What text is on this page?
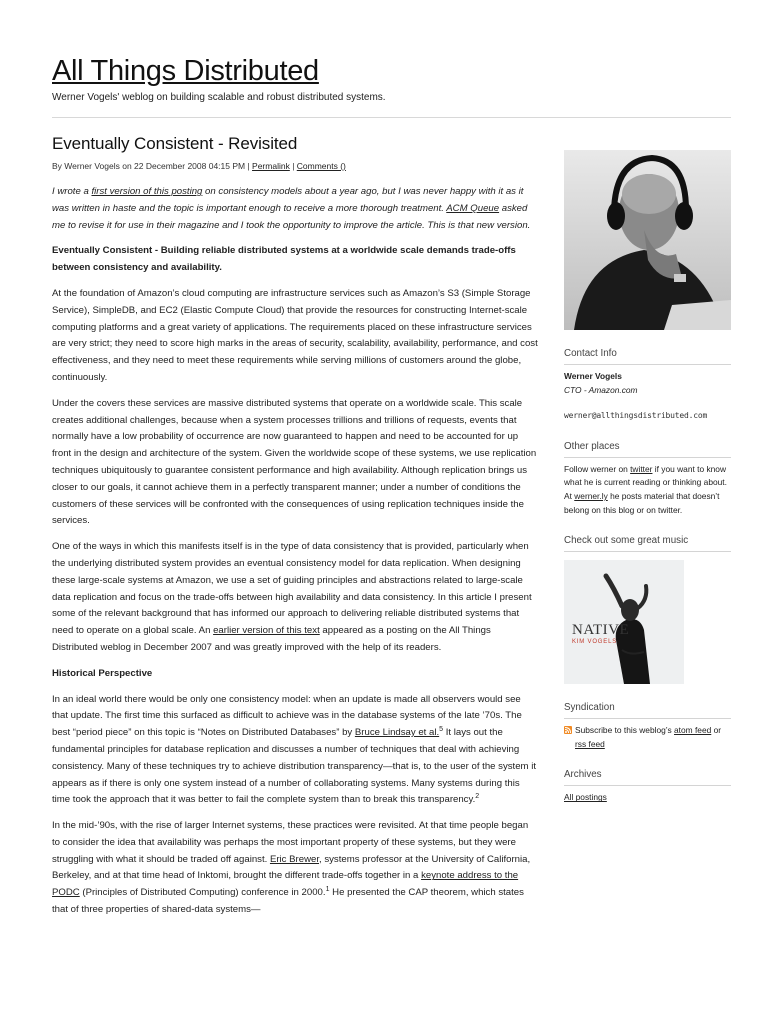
All Things Distributed
Werner Vogels' weblog on building scalable and robust distributed systems.
Eventually Consistent - Revisited
By Werner Vogels on 22 December 2008 04:15 PM | Permalink | Comments ()

I wrote a first version of this posting on consistency models about a year ago, but I was never happy with it as it was written in haste and the topic is important enough to receive a more thorough treatment. ACM Queue asked me to revise it for use in their magazine and I took the opportunity to improve the article. This is that new version.

Eventually Consistent - Building reliable distributed systems at a worldwide scale demands trade-offs between consistency and availability.

At the foundation of Amazon’s cloud computing are infrastructure services such as Amazon’s S3 (Simple Storage Service), SimpleDB, and EC2 (Elastic Compute Cloud) that provide the resources for constructing Internet-scale computing platforms and a great variety of applications. The requirements placed on these infrastructure services are very strict; they need to score high marks in the areas of security, scalability, availability, performance, and cost effectiveness, and they need to meet these requirements while serving millions of customers around the globe, continuously.

Under the covers these services are massive distributed systems that operate on a worldwide scale. This scale creates additional challenges, because when a system processes trillions and trillions of requests, events that normally have a low probability of occurrence are now guaranteed to happen and need to be accounted for up front in the design and architecture of the system. Given the worldwide scope of these systems, we use replication techniques ubiquitously to guarantee consistent performance and high availability. Although replication brings us closer to our goals, it cannot achieve them in a perfectly transparent manner; under a number of conditions the customers of these services will be confronted with the consequences of using replication techniques inside the services.

One of the ways in which this manifests itself is in the type of data consistency that is provided, particularly when the underlying distributed system provides an eventual consistency model for data replication. When designing these large-scale systems at Amazon, we use a set of guiding principles and abstractions related to large-scale data replication and focus on the trade-offs between high availability and data consistency. In this article I present some of the relevant background that has informed our approach to delivering reliable distributed systems that need to operate on a global scale. An earlier version of this text appeared as a posting on the All Things Distributed weblog in December 2007 and was greatly improved with the help of its readers.

Historical Perspective

In an ideal world there would be only one consistency model: when an update is made all observers would see that update. The first time this surfaced as difficult to achieve was in the database systems of the late ’70s. The best “period piece” on this topic is “Notes on Distributed Databases” by Bruce Lindsay et al.$^5$ It lays out the fundamental principles for database replication and discusses a number of techniques that deal with achieving consistency. Many of these techniques try to achieve distribution transparency—that is, to the user of the system it appears as if there is only one system instead of a number of collaborating systems. Many systems during this time took the approach that it was better to fail the complete system than to break this transparency.$^2$

In the mid-’90s, with the rise of larger Internet systems, these practices were revisited. At that time people began to consider the idea that availability was perhaps the most important property of these systems, but they were struggling with what it should be traded off against. Eric Brewer, systems professor at the University of California, Berkeley, and at that time head of Inktomi, brought the different trade-offs together in a keynote address to the PODC (Principles of Distributed Computing) conference in 2000.$^1$ He presented the CAP theorem, which states that of three properties of shared-data systems—

Contact Info
Werner Vogels
CTO - Amazon.com
werner@allthingsdistributed.com
Other places
Follow werner on twitter if you want to know what he is current reading or thinking about.
At werner.ly he posts material that doesn’t belong on this blog or on twitter.
Check out some great music
NATIVE
KIM VOGELS
Syndication
Subscribe to this weblog’s atom feed or rss feed
Archives
All postings
